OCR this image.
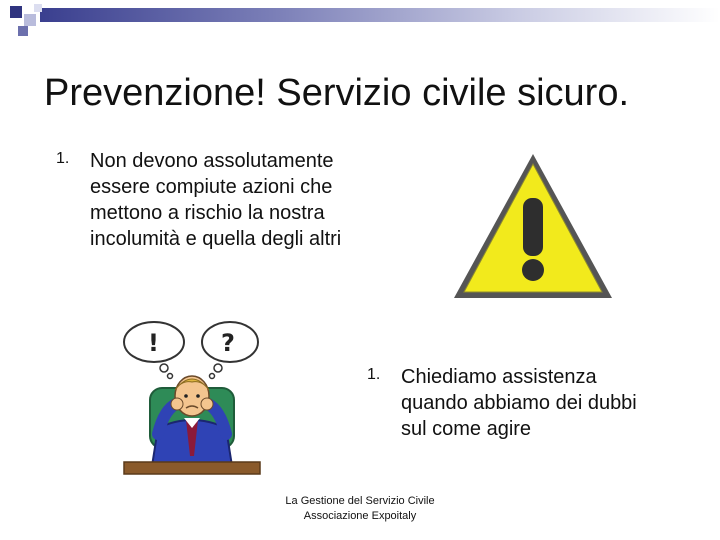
Prevenzione! Servizio civile sicuro.
1. Non devono assolutamente essere compiute azioni che mettono a rischio la nostra incolumità e quella degli altri
!	?
1. Chiediamo assistenza quando abbiamo dei dubbi sul come agire
La Gestione del Servizio Civile
Associazione Expoitaly
